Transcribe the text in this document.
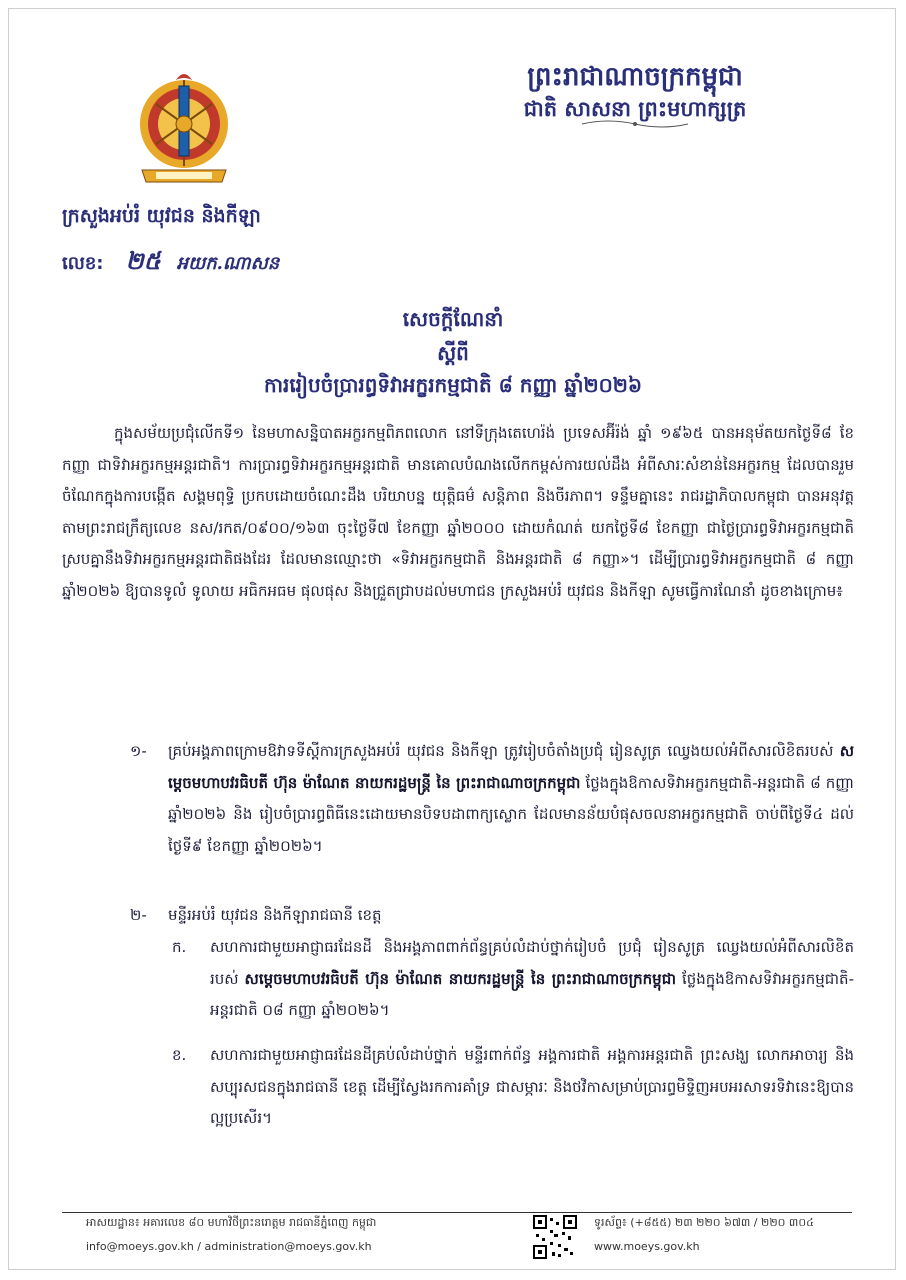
ព្រះរាជាណាចក្រកម្ពុជា
ជាតិ សាសនា ព្រះមហាក្សត្រ
ក្រសួងអប់រំ យុវជន និងកីឡា
លេខ: ២៥ អយក.ណាសន
សេចក្តីណែនាំ
ស្តីពី
ការរៀបចំប្រារព្ធទិវាអក្ខរកម្មជាតិ ៨ កញ្ញា ឆ្នាំ២០២៦

ក្នុងសម័យប្រជុំលើកទី១ នៃមហាសន្និបាតអក្ខរកម្មពិភពលោក នៅទីក្រុងតេហេរ៉ង់ ប្រទេសអ៊ីរ៉ង់ ឆ្នាំ ១៩៦៥ បានអនុម័តយកថ្ងៃទី៨ ខែកញ្ញា ជាទិវាអក្ខរកម្មអន្តរជាតិ។ ការប្រារព្ធទិវាអក្ខរកម្មអន្តរជាតិ មានគោលបំណងលើកកម្ពស់ការយល់ដឹង អំពីសារៈសំខាន់នៃអក្ខរកម្ម ដែលបានរួមចំណែកក្នុងការបង្កើត សង្គមពុទ្ធិ ប្រកបដោយចំណេះដឹង បរិយាបន្ន យុត្តិធម៌ សន្តិភាព និងចីរភាព។ ទន្ទឹមគ្នានេះ រាជរដ្ឋាភិបាលកម្ពុជា បានអនុវត្តតាមព្រះរាជក្រឹត្យលេខ នស/រកត/០៩០០/១៦៣ ចុះថ្ងៃទី៧ ខែកញ្ញា ឆ្នាំ២០០០ ដោយកំណត់ យកថ្ងៃទី៨ ខែកញ្ញា ជាថ្ងៃប្រារព្ធទិវាអក្ខរកម្មជាតិ ស្របគ្នានឹងទិវាអក្ខរកម្មអន្តរជាតិផងដែរ ដែលមានឈ្មោះថា «ទិវាអក្ខរកម្មជាតិ និងអន្តរជាតិ ៨ កញ្ញា»។ ដើម្បីប្រារព្ធទិវាអក្ខរកម្មជាតិ ៨ កញ្ញា ឆ្នាំ២០២៦ ឱ្យបានទូលំ ទូលាយ អធិកអធម ផុលផុស និងជ្រួតជ្រាបដល់មហាជន ក្រសួងអប់រំ យុវជន និងកីឡា សូមធ្វើការណែនាំ ដូចខាងក្រោម៖

១- គ្រប់អង្គភាពក្រោមឱវាទទីស្តីការក្រសួងអប់រំ យុវជន និងកីឡា ត្រូវរៀបចំតាំងប្រជុំ រៀនសូត្រ ឈ្វេងយល់អំពីសារលិខិតរបស់ សម្តេចមហាបវរធិបតី ហ៊ុន ម៉ាណែត នាយករដ្ឋមន្ត្រី នៃ ព្រះរាជាណាចក្រកម្ពុជា ថ្លែងក្នុងឱកាសទិវាអក្ខរកម្មជាតិ-អន្តរជាតិ ៨ កញ្ញា ឆ្នាំ២០២៦ និង រៀបចំប្រារព្ធពិធីនេះដោយមានបិទបដាពាក្យស្លោក ដែលមានន័យបំផុសចលនាអក្ខរកម្មជាតិ ចាប់ពីថ្ងៃទី៤ ដល់ថ្ងៃទី៩ ខែកញ្ញា ឆ្នាំ២០២៦។
២- មន្ទីរអប់រំ យុវជន និងកីឡារាជធានី ខេត្ត
ក. សហការជាមួយអាជ្ញាធរដែនដី និងអង្គភាពពាក់ព័ន្ធគ្រប់លំដាប់ថ្នាក់រៀបចំ ប្រជុំ រៀនសូត្រ ឈ្វេងយល់អំពីសារលិខិតរបស់ សម្តេចមហាបវរធិបតី ហ៊ុន ម៉ាណែត នាយករដ្ឋមន្ត្រី នៃ ព្រះរាជាណាចក្រកម្ពុជា ថ្លែងក្នុងឱកាសទិវាអក្ខរកម្មជាតិ-អន្តរជាតិ ០៨ កញ្ញា ឆ្នាំ២០២៦។
ខ. សហការជាមួយអាជ្ញាធរដែនដីគ្រប់លំដាប់ថ្នាក់ មន្ទីរពាក់ព័ន្ធ អង្គការជាតិ អង្គការអន្តរជាតិ ព្រះសង្ឃ លោកអាចារ្យ និងសប្បុរសជនក្នុងរាជធានី ខេត្ត ដើម្បីស្វែងរកការគាំទ្រ ជាសម្ភារៈ និងថវិកាសម្រាប់ប្រារព្ធមិទ្ទិញអបអរសាទរទិវានេះឱ្យបានល្អប្រសើរ។
អាសយដ្ឋាន៖ អគារលេខ ៨០ មហាវិថីព្រះនរោត្តម រាជធានីភ្នំពេញ កម្ពុជា
info@moeys.gov.kh / administration@moeys.gov.kh
ទូរស័ព្ទ៖ (+៨៥៥) ២៣ ២២០ ៦៧៣ / ២២០ ៣០៤
www.moeys.gov.kh
